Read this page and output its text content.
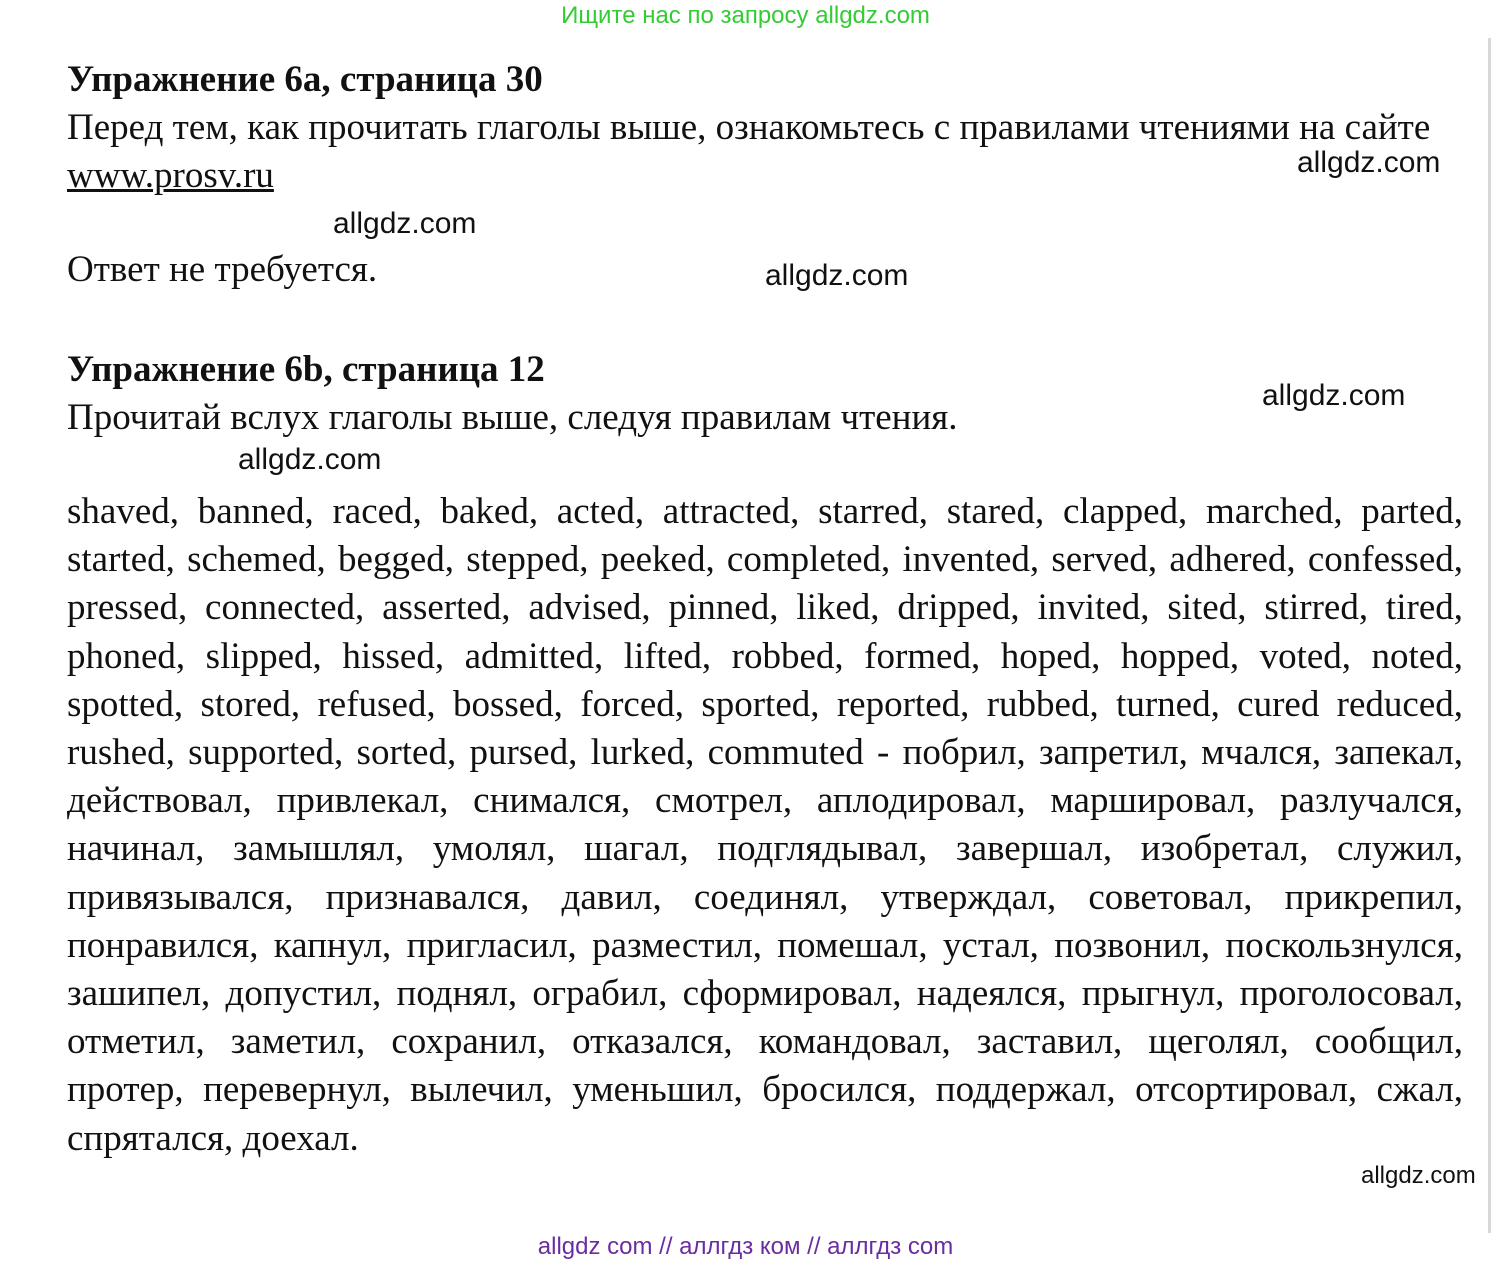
Ищите нас по запросу allgdz.com

Упражнение 6а, страница 30

Перед тем, как прочитать глаголы выше, ознакомьтесь с правилами чтениями на сайте www.prosv.ru

Ответ не требуется.

Упражнение 6b, страница 12

Прочитай вслух глаголы выше, следуя правилам чтения.

shaved, banned, raced, baked, acted, attracted, starred, stared, clapped, marched, parted, started, schemed, begged, stepped, peeked, completed, invented, served, adhered, confessed, pressed, connected, asserted, advised, pinned, liked, dripped, invited, sited, stirred, tired, phoned, slipped, hissed, admitted, lifted, robbed, formed, hoped, hopped, voted, noted, spotted, stored, refused, bossed, forced, sported, reported, rubbed, turned, cured reduced, rushed, supported, sorted, pursed, lurked, commuted - побрил, запретил, мчался, запекал, действовал, привлекал, снимался, смотрел, аплодировал, маршировал, разлучался, начинал, замышлял, умолял, шагал, подглядывал, завершал, изобретал, служил, привязывался, признавался, давил, соединял, утверждал, советовал, прикрепил, понравился, капнул, пригласил, разместил, помешал, устал, позвонил, поскользнулся, зашипел, допустил, поднял, ограбил, сформировал, надеялся, прыгнул, проголосовал, отметил, заметил, сохранил, отказался, командовал, заставил, щеголял, сообщил, протер, перевернул, вылечил, уменьшил, бросился, поддержал, отсортировал, сжал, спрятался, доехал.

allgdz.com
allgdz.com
allgdz.com
allgdz.com
allgdz.com
allgdz.com
allgdz com // аллгдз ком // аллгдз com
